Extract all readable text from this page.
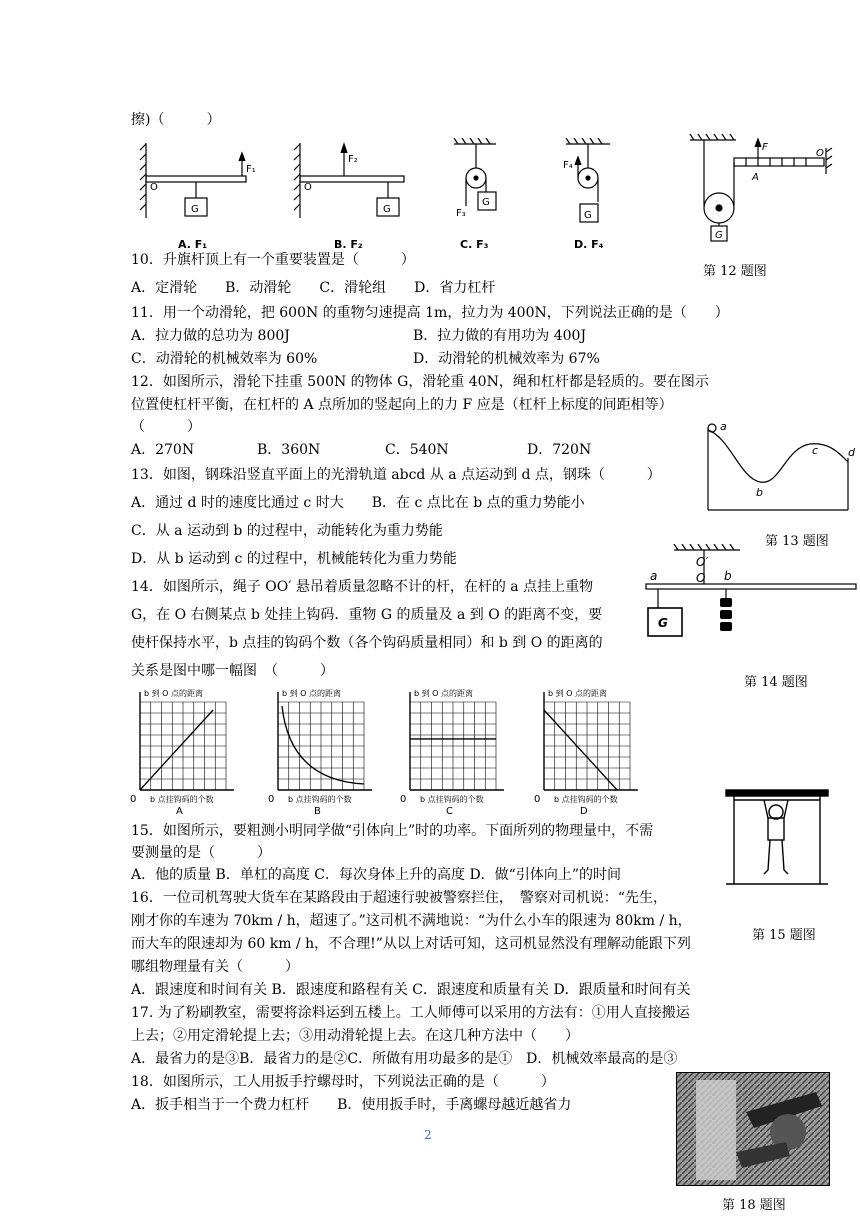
擦)（　　　）
10．升旗杆顶上有一个重要装置是（　　　）
A．定滑轮　　B．动滑轮　　C．滑轮组　　D．省力杠杆
11．用一个动滑轮，把 600N 的重物匀速提高 1m，拉力为 400N，下列说法正确的是（　　）
A．拉力做的总功为 800J	B．拉力做的有用功为 400J
C．动滑轮的机械效率为 60%	D．动滑轮的机械效率为 67%
12．如图所示，滑轮下挂重 500N 的物体 G，滑轮重 40N，绳和杠杆都是轻质的。要在图示
位置使杠杆平衡，在杠杆的 A 点所加的竖起向上的力 F 应是（杠杆上标度的间距相等）
（　　　）
A．270N	B．360N	C．540N	D．720N
13．如图，钢珠沿竖直平面上的光滑轨道 abcd 从 a 点运动到 d 点，钢珠（　　　）
A．通过 d 时的速度比通过 c 时大　　B．在 c 点比在 b 点的重力势能小
C．从 a 运动到 b 的过程中，动能转化为重力势能
D．从 b 运动到 c 的过程中，机械能转化为重力势能
14．如图所示，绳子 OO′ 悬吊着质量忽略不计的杆，在杆的 a 点挂上重物
G，在 O 右侧某点 b 处挂上钩码．重物 G 的质量及 a 到 O 的距离不变，要
使杆保持水平，b 点挂的钩码个数（各个钩码质量相同）和 b 到 O 的距离的
关系是图中哪一幅图　（　　　）
15．如图所示，要粗测小明同学做“引体向上”时的功率。下面所列的物理量中，不需
要测量的是（　　　）
A．他的质量 B．单杠的高度 C．每次身体上升的高度 D．做“引体向上”的时间
16．一位司机驾驶大货车在某路段由于超速行驶被警察拦住，　警察对司机说：“先生，
刚才你的车速为 70km / h，超速了。”这司机不满地说：“为什么小车的限速为 80km / h，
而大车的限速却为 60 km / h，不合理!”从以上对话可知，这司机显然没有理解动能跟下列
哪组物理量有关（　　　）
A．跟速度和时间有关 B．跟速度和路程有关 C．跟速度和质量有关 D．跟质量和时间有关
17. 为了粉刷教室，需要将涂料运到五楼上。工人师傅可以采用的方法有：①用人直接搬运
上去；②用定滑轮提上去；③用动滑轮提上去。在这几种方法中（　　）
A．最省力的是③B．最省力的是②C．所做有用功最多的是①　D．机械效率最高的是③
18．如图所示，工人用扳手拧螺母时，下列说法正确的是（　　　）
A．扳手相当于一个费力杠杆　　B．使用扳手时，手离螺母越近越省力
2
O
G
F₁
O
F₂
G	F₃
G
F₄
G
A. F₁	B. F₂	C. F₃	D. F₄
F
O
A
G
第 12 题图
a
b
c	d
第 13 题图
a
O′
O b
G
第 14 题图
b 到 O 点的距离
b 点挂钩码的个数
0
A
b 到 O 点的距离
b 点挂钩码的个数
0
B
b 到 O 点的距离
b 点挂钩码的个数
0
C
b 到 O 点的距离
b 点挂钩码的个数
0
D
第 15 题图
第 18 题图
